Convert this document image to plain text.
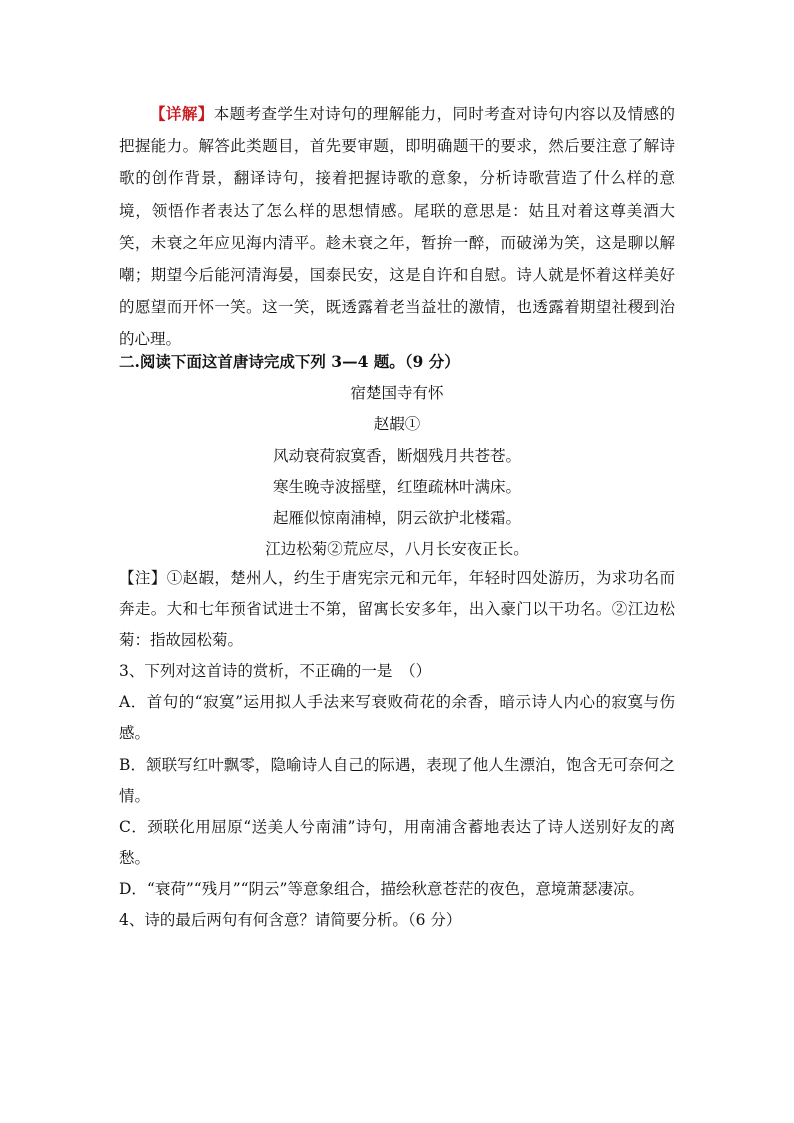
【详解】本题考查学生对诗句的理解能力，同时考查对诗句内容以及情感的把握能力。解答此类题目，首先要审题，即明确题干的要求，然后要注意了解诗歌的创作背景，翻译诗句，接着把握诗歌的意象，分析诗歌营造了什么样的意境，领悟作者表达了怎么样的思想情感。尾联的意思是：姑且对着这尊美酒大笑，未衰之年应见海内清平。趁未衰之年，暂拚一醉，而破涕为笑，这是聊以解嘲；期望今后能河清海晏，国泰民安，这是自许和自慰。诗人就是怀着这样美好的愿望而开怀一笑。这一笑，既透露着老当益壮的激情，也透露着期望社稷到治的心理。

二.阅读下面这首唐诗完成下列 3—4 题。（9 分）

宿楚国寺有怀
赵嘏①
风动衰荷寂寞香，断烟残月共苍苍。
寒生晚寺波摇壁，红堕疏林叶满床。
起雁似惊南浦棹，阴云欲护北楼霜。
江边松菊②荒应尽，八月长安夜正长。

【注】①赵嘏，楚州人，约生于唐宪宗元和元年，年轻时四处游历，为求功名而奔走。大和七年预省试进士不第，留寓长安多年，出入豪门以干功名。②江边松菊：指故园松菊。

3、下列对这首诗的赏析，不正确的一是　（）

A．首句的“寂寞”运用拟人手法来写衰败荷花的余香，暗示诗人内心的寂寞与伤感。

B．颔联写红叶飘零，隐喻诗人自己的际遇，表现了他人生漂泊，饱含无可奈何之情。

C．颈联化用屈原“送美人兮南浦”诗句，用南浦含蓄地表达了诗人送别好友的离愁。

D．“衰荷”“残月”“阴云”等意象组合，描绘秋意苍茫的夜色，意境萧瑟凄凉。

4、诗的最后两句有何含意？请简要分析。（6 分）
